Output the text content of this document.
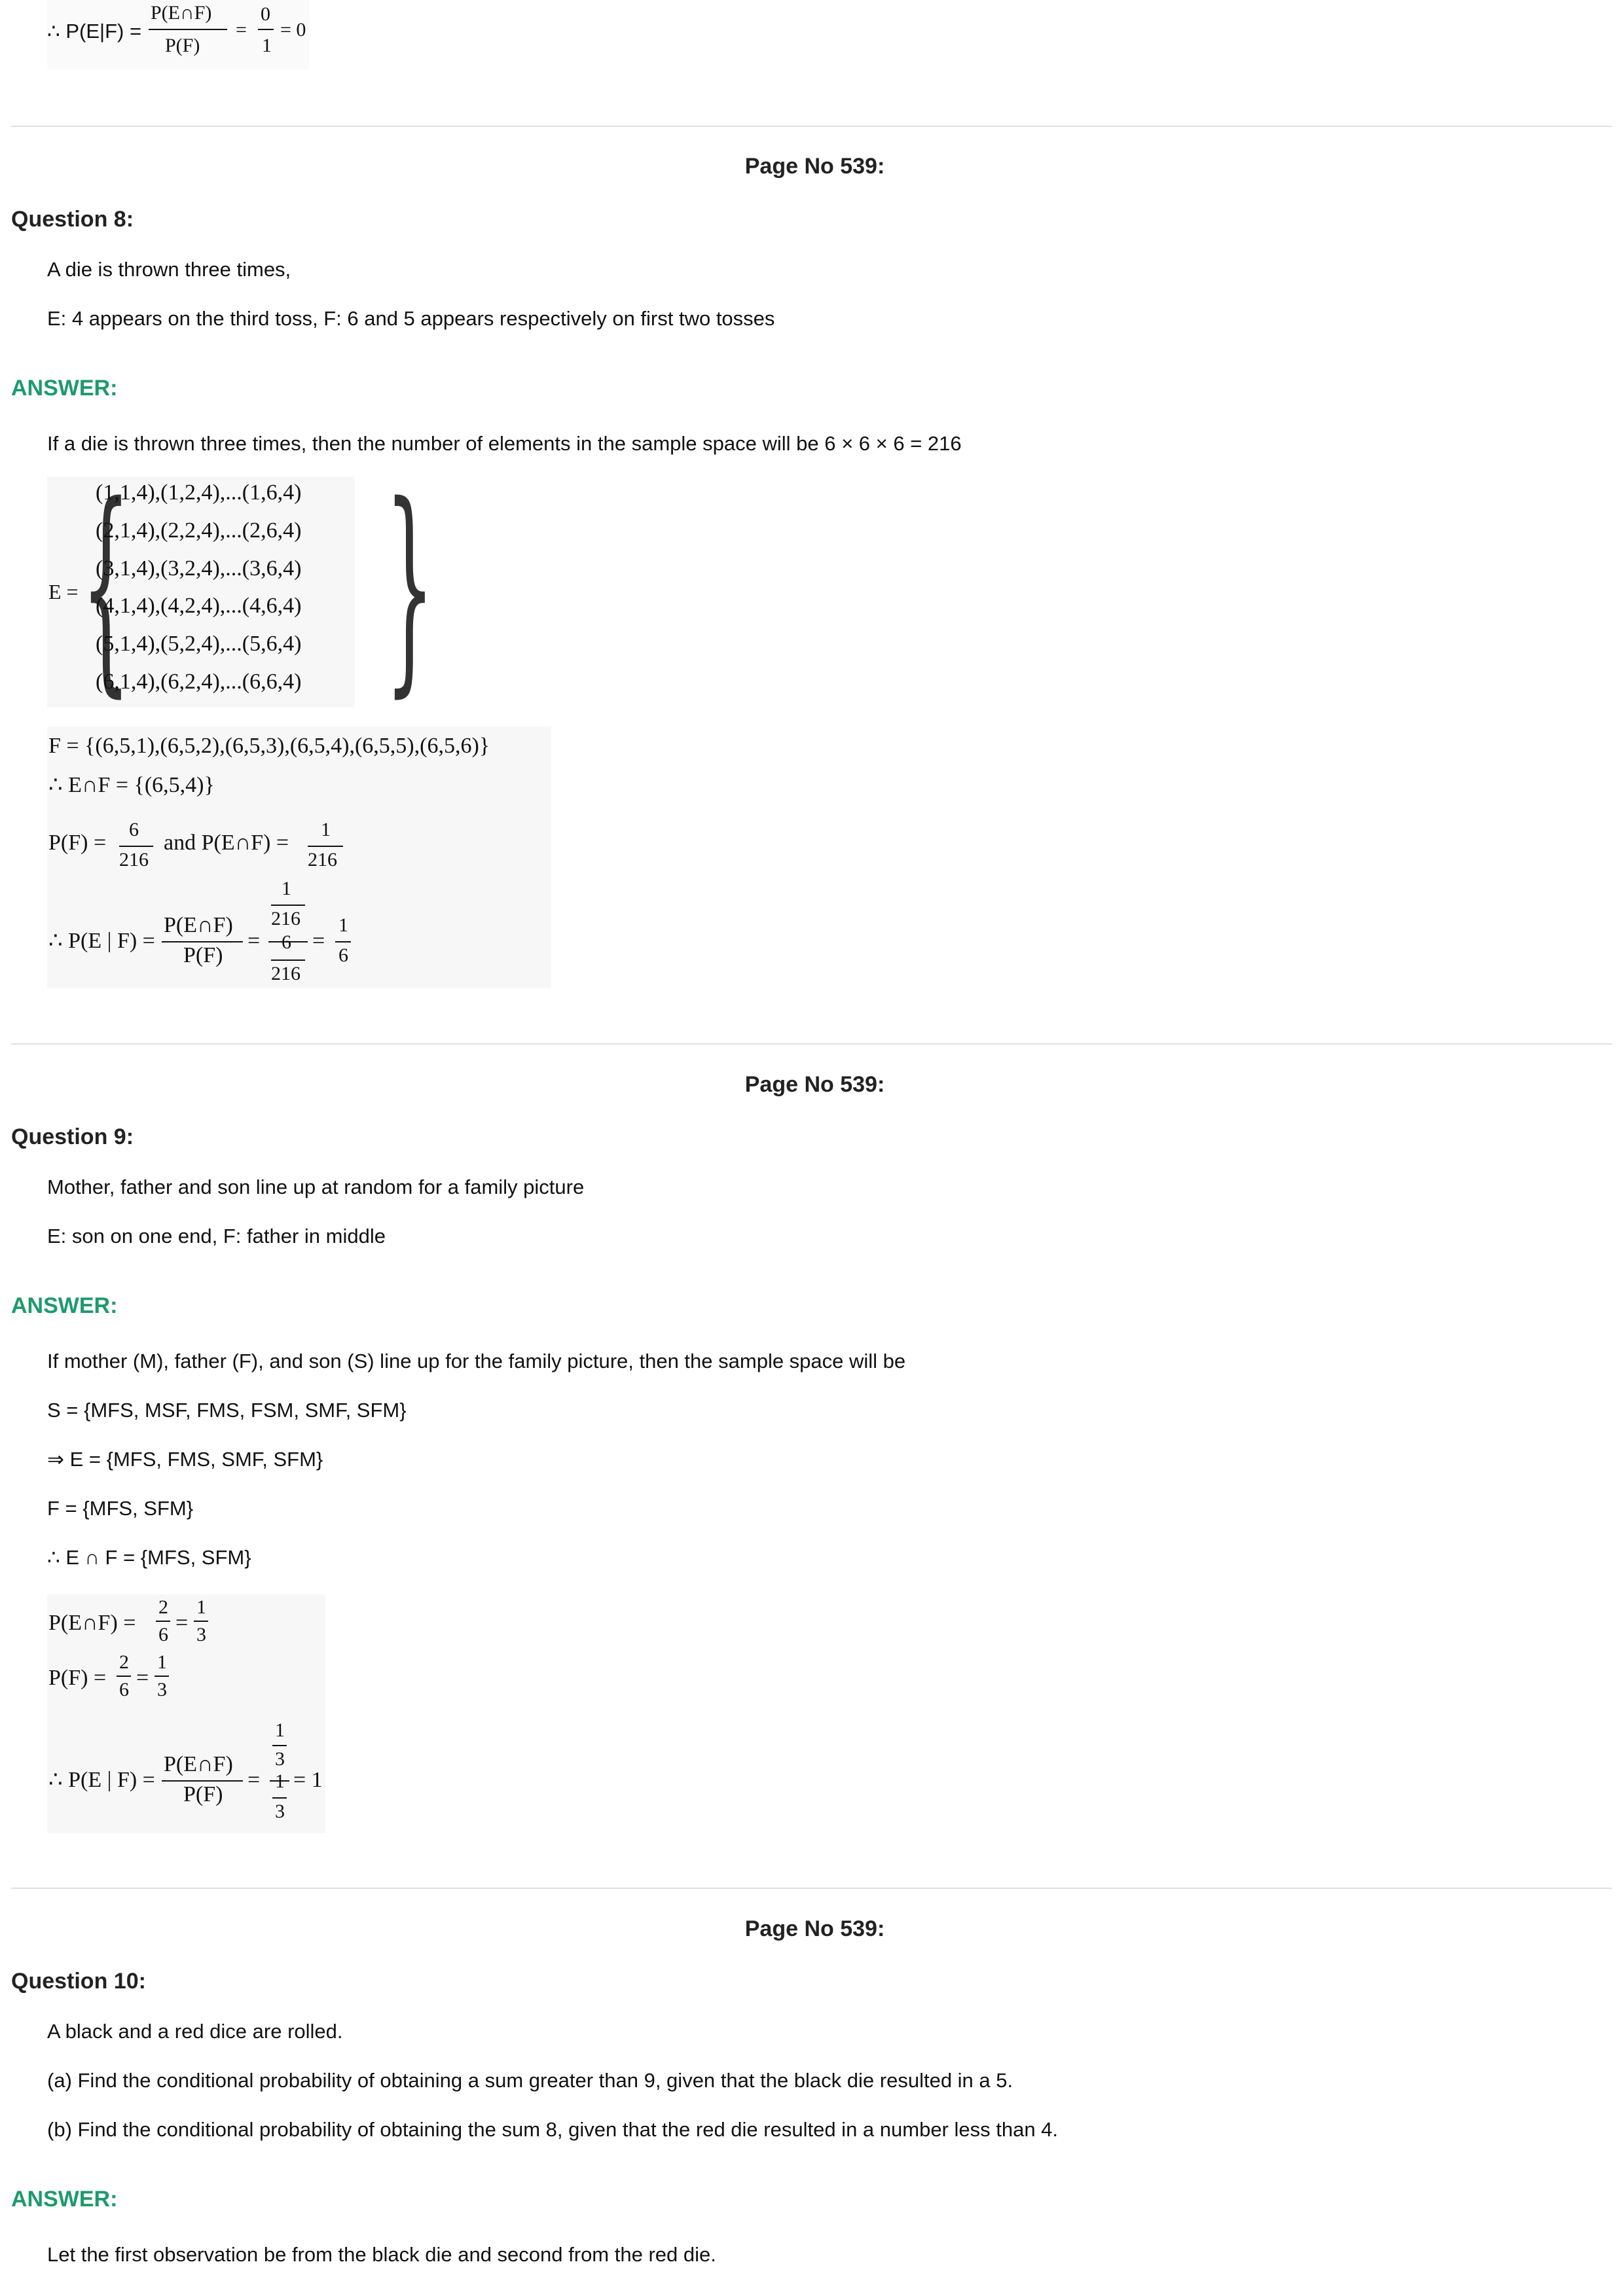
∴ P(E|F) =
P(E∩F)
P(F)
=
0
1
= 0
Page No 539:
Question 8:
A die is thrown three times,
E: 4 appears on the third toss, F: 6 and 5 appears respectively on first two tosses
ANSWER:
If a die is thrown three times, then the number of elements in the sample space will be 6 × 6 × 6 = 216
E = {
(1,1,4),(1,2,4),...(1,6,4)
(2,1,4),(2,2,4),...(2,6,4)
(3,1,4),(3,2,4),...(3,6,4)
(4,1,4),(4,2,4),...(4,6,4)
(5,1,4),(5,2,4),...(5,6,4)
(6,1,4),(6,2,4),...(6,6,4) }
F = {(6,5,1),(6,5,2),(6,5,3),(6,5,4),(6,5,5),(6,5,6)}
∴ E∩F = {(6,5,4)}
P(F) =
6
216
and P(E∩F) =
1
216
∴ P(E | F) =
P(E∩F)
P(F)
=
1
216
6
216
=
1
6
Page No 539:
Question 9:
Mother, father and son line up at random for a family picture
E: son on one end, F: father in middle
ANSWER:
If mother (M), father (F), and son (S) line up for the family picture, then the sample space will be
S = {MFS, MSF, FMS, FSM, SMF, SFM}
⇒ E = {MFS, FMS, SMF, SFM}
F = {MFS, SFM}
∴ E ∩ F = {MFS, SFM}
P(E∩F) =
2
6 =
1
3
P(F) =
2
6 =
1
3
∴ P(E | F) =
P(E∩F)
P(F)
=
1
3
1
3
= 1
Page No 539:
Question 10:
A black and a red dice are rolled.
(a) Find the conditional probability of obtaining a sum greater than 9, given that the black die resulted in a 5.
(b) Find the conditional probability of obtaining the sum 8, given that the red die resulted in a number less than 4.
ANSWER:
Let the first observation be from the black die and second from the red die.
